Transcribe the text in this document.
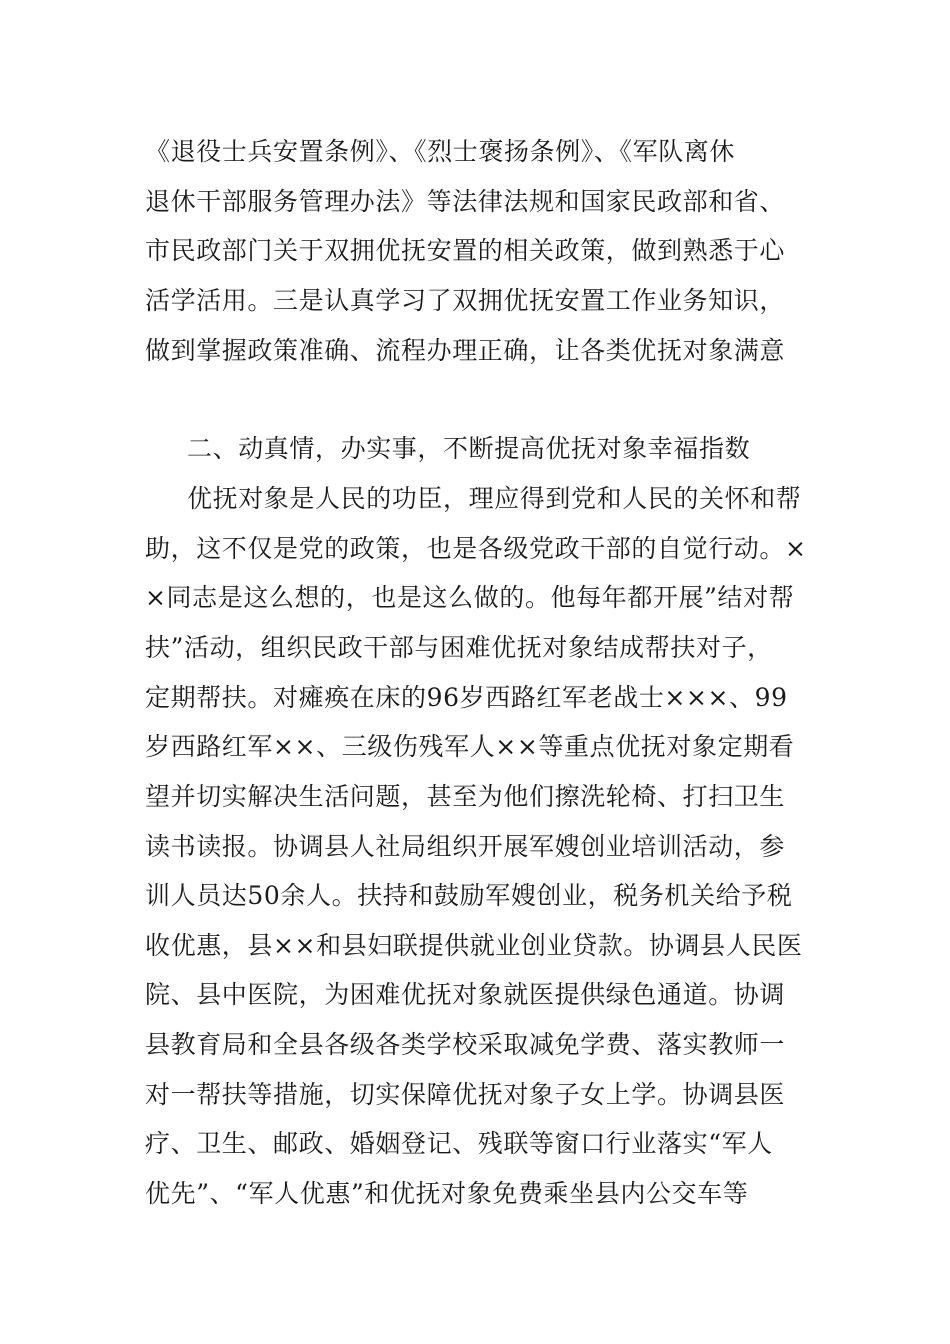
《退役士兵安置条例》、《烈士褒扬条例》、《军队离休
退休干部服务管理办法》等法律法规和国家民政部和省、
市民政部门关于双拥优抚安置的相关政策，做到熟悉于心
活学活用。三是认真学习了双拥优抚安置工作业务知识，
做到掌握政策准确、流程办理正确，让各类优抚对象满意
二、动真情，办实事，不断提高优抚对象幸福指数
优抚对象是人民的功臣，理应得到党和人民的关怀和帮
助，这不仅是党的政策，也是各级党政干部的自觉行动。×
×同志是这么想的，也是这么做的。他每年都开展”结对帮
扶”活动，组织民政干部与困难优抚对象结成帮扶对子，
定期帮扶。对瘫痪在床的96岁西路红军老战士×××、99
岁西路红军××、三级伤残军人××等重点优抚对象定期看
望并切实解决生活问题，甚至为他们擦洗轮椅、打扫卫生
读书读报。协调县人社局组织开展军嫂创业培训活动，参
训人员达50余人。扶持和鼓励军嫂创业，税务机关给予税
收优惠，县××和县妇联提供就业创业贷款。协调县人民医
院、县中医院，为困难优抚对象就医提供绿色通道。协调
县教育局和全县各级各类学校采取减免学费、落实教师一
对一帮扶等措施，切实保障优抚对象子女上学。协调县医
疗、卫生、邮政、婚姻登记、残联等窗口行业落实“军人
优先”、“军人优惠”和优抚对象免费乘坐县内公交车等
